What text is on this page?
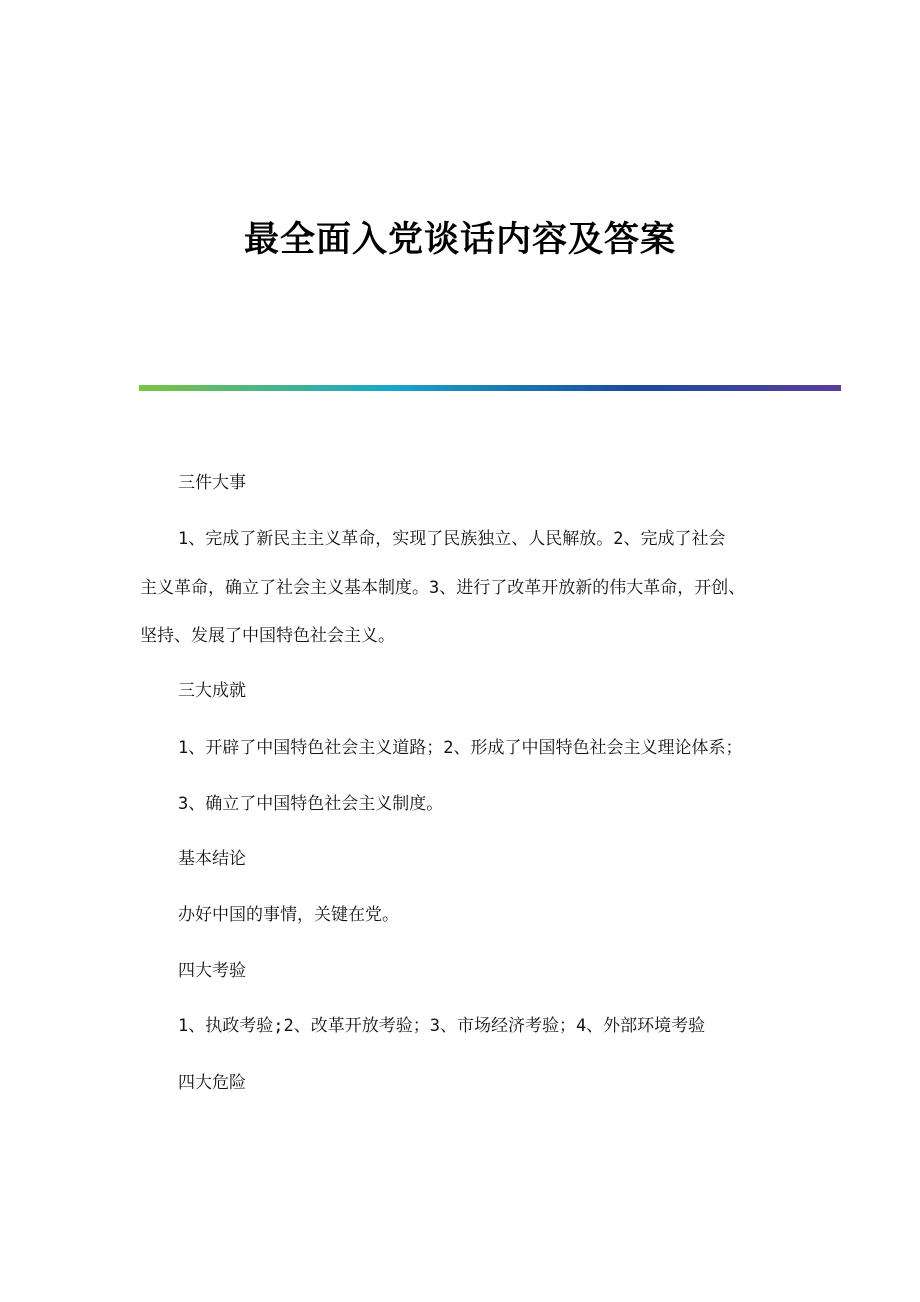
最全面入党谈话内容及答案

三件大事

1、完成了新民主主义革命，实现了民族独立、人民解放。2、完成了社会

主义革命，确立了社会主义基本制度。3、进行了改革开放新的伟大革命，开创、

坚持、发展了中国特色社会主义。

三大成就

1、开辟了中国特色社会主义道路；2、形成了中国特色社会主义理论体系；

3、确立了中国特色社会主义制度。

基本结论

办好中国的事情，关键在党。

四大考验

1、执政考验;2、改革开放考验；3、市场经济考验；4、外部环境考验

四大危险
